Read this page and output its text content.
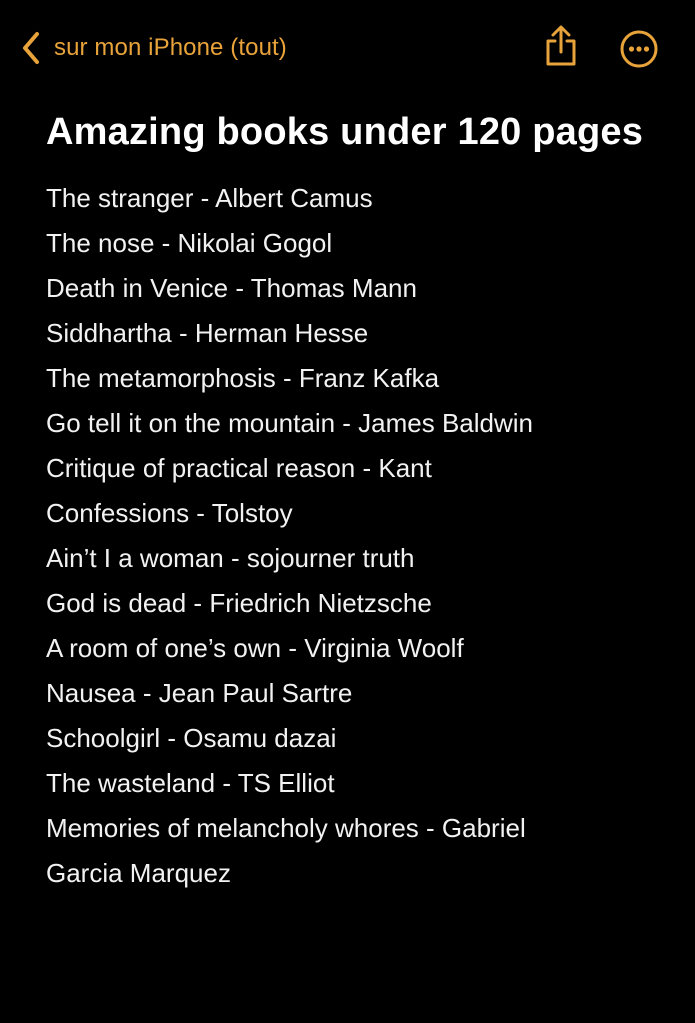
sur mon iPhone (tout)
Amazing books under 120 pages
The stranger - Albert Camus
The nose - Nikolai Gogol
Death in Venice - Thomas Mann
Siddhartha - Herman Hesse
The metamorphosis - Franz Kafka
Go tell it on the mountain - James Baldwin
Critique of practical reason - Kant
Confessions - Tolstoy
Ain’t I a woman - sojourner truth
God is dead - Friedrich Nietzsche
A room of one’s own - Virginia Woolf
Nausea - Jean Paul Sartre
Schoolgirl - Osamu dazai
The wasteland - TS Elliot
Memories of melancholy whores - Gabriel
Garcia Marquez
